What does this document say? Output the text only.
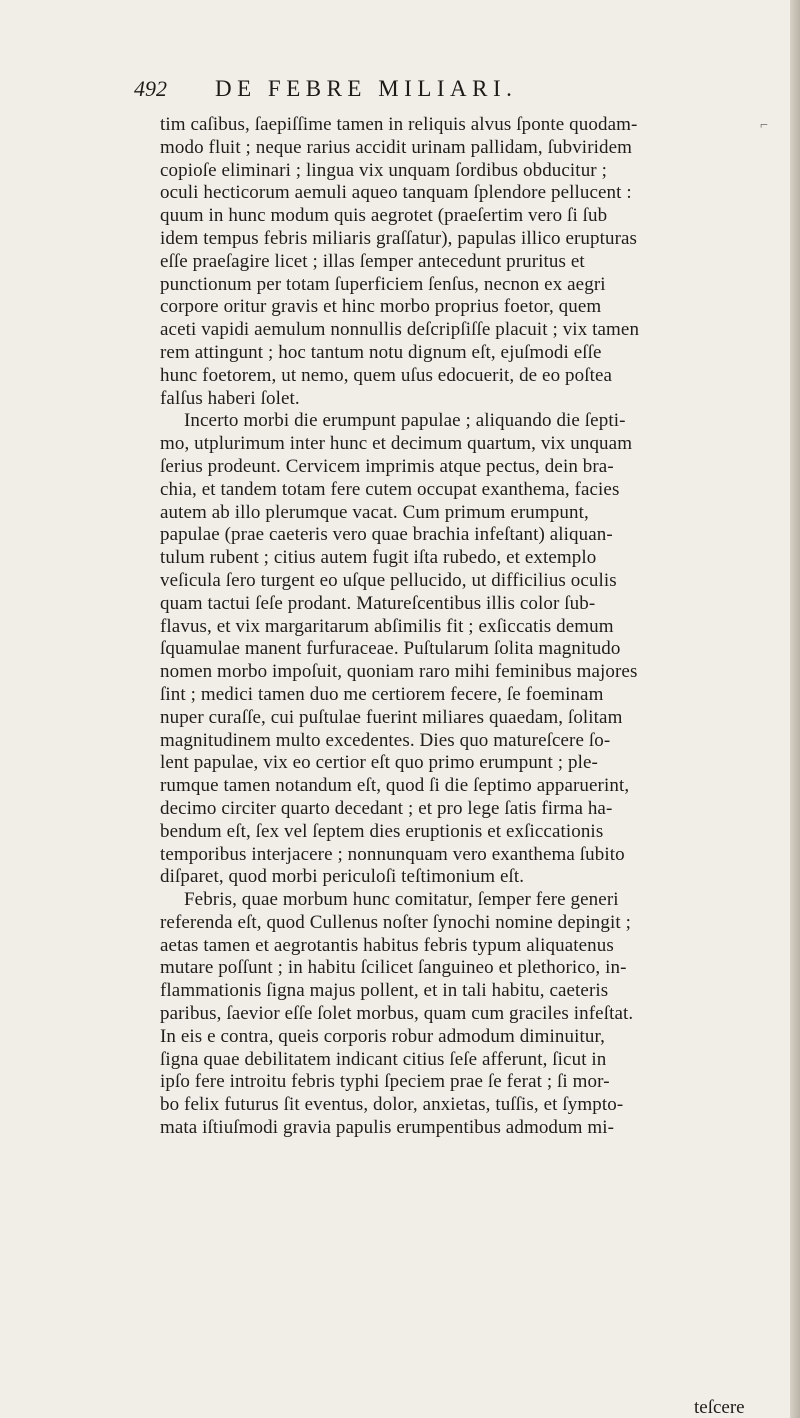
492 DE FEBRE MILIARI.
⌐
tim caſibus, ſaepiſſime tamen in reliquis alvus ſponte quodam-
modo fluit ; neque rarius accidit urinam pallidam, ſubviridem
copioſe eliminari ; lingua vix unquam ſordibus obducitur ;
oculi hecticorum aemuli aqueo tanquam ſplendore pellucent :
quum in hunc modum quis aegrotet (praeſertim vero ſi ſub
idem tempus febris miliaris graſſatur), papulas illico erupturas
eſſe praeſagire licet ; illas ſemper antecedunt pruritus et
punctionum per totam ſuperficiem ſenſus, necnon ex aegri
corpore oritur gravis et hinc morbo proprius foetor, quem
aceti vapidi aemulum nonnullis deſcripſiſſe placuit ; vix tamen
rem attingunt ; hoc tantum notu dignum eſt, ejuſmodi eſſe
hunc foetorem, ut nemo, quem uſus edocuerit, de eo poſtea
falſus haberi ſolet.
Incerto morbi die erumpunt papulae ; aliquando die ſepti-
mo, utplurimum inter hunc et decimum quartum, vix unquam
ſerius prodeunt. Cervicem imprimis atque pectus, dein bra-
chia, et tandem totam fere cutem occupat exanthema, facies
autem ab illo plerumque vacat. Cum primum erumpunt,
papulae (prae caeteris vero quae brachia infeſtant) aliquan-
tulum rubent ; citius autem fugit iſta rubedo, et extemplo
veſicula ſero turgent eo uſque pellucido, ut difficilius oculis
quam tactui ſeſe prodant. Matureſcentibus illis color ſub-
flavus, et vix margaritarum abſimilis fit ; exſiccatis demum
ſquamulae manent furfuraceae. Puſtularum ſolita magnitudo
nomen morbo impoſuit, quoniam raro mihi feminibus majores
ſint ; medici tamen duo me certiorem fecere, ſe foeminam
nuper curaſſe, cui puſtulae fuerint miliares quaedam, ſolitam
magnitudinem multo excedentes. Dies quo matureſcere ſo-
lent papulae, vix eo certior eſt quo primo erumpunt ; ple-
rumque tamen notandum eſt, quod ſi die ſeptimo apparuerint,
decimo circiter quarto decedant ; et pro lege ſatis firma ha-
bendum eſt, ſex vel ſeptem dies eruptionis et exſiccationis
temporibus interjacere ; nonnunquam vero exanthema ſubito
diſparet, quod morbi periculoſi teſtimonium eſt.
Febris, quae morbum hunc comitatur, ſemper fere generi
referenda eſt, quod Cullenus noſter ſynochi nomine depingit ;
aetas tamen et aegrotantis habitus febris typum aliquatenus
mutare poſſunt ; in habitu ſcilicet ſanguineo et plethorico, in-
flammationis ſigna majus pollent, et in tali habitu, caeteris
paribus, ſaevior eſſe ſolet morbus, quam cum graciles infeſtat.
In eis e contra, queis corporis robur admodum diminuitur,
ſigna quae debilitatem indicant citius ſeſe afferunt, ſicut in
ipſo fere introitu febris typhi ſpeciem prae ſe ferat ; ſi mor-
bo felix futurus ſit eventus, dolor, anxietas, tuſſis, et ſympto-
mata iſtiuſmodi gravia papulis erumpentibus admodum mi-
teſcere
